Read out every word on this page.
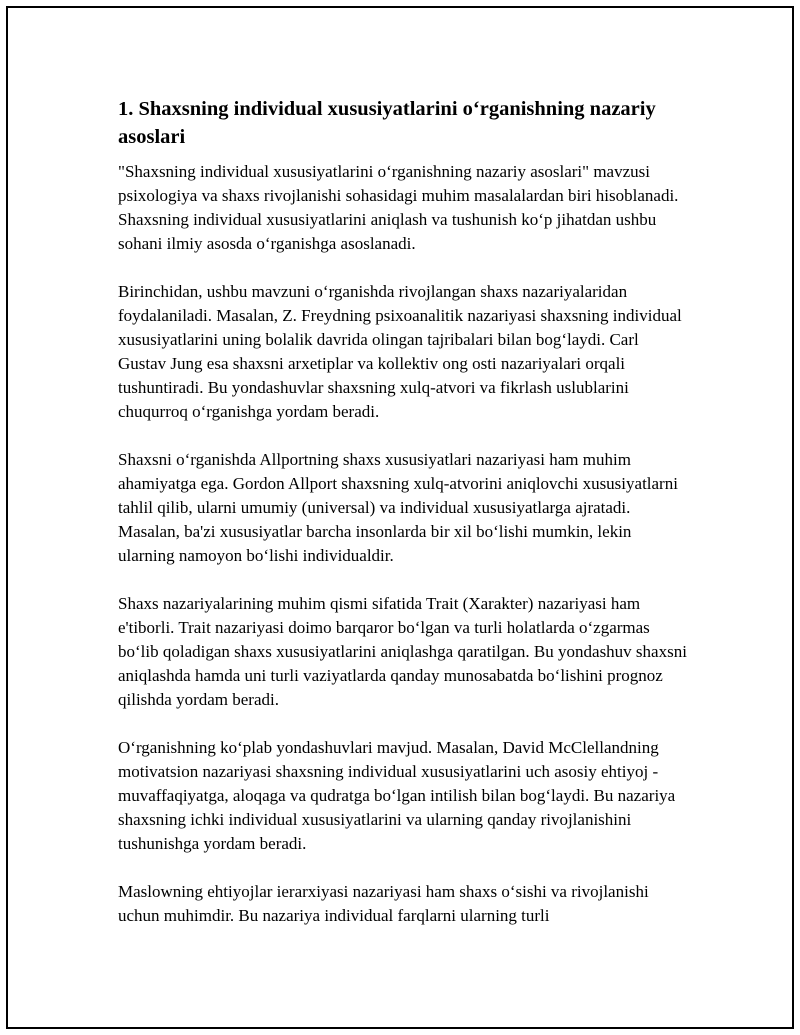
1. Shaxsning individual xususiyatlarini o‘rganishning nazariy asoslari

"Shaxsning individual xususiyatlarini o‘rganishning nazariy asoslari" mavzusi psixologiya va shaxs rivojlanishi sohasidagi muhim masalalardan biri hisoblanadi. Shaxsning individual xususiyatlarini aniqlash va tushunish ko‘p jihatdan ushbu sohani ilmiy asosda o‘rganishga asoslanadi.

Birinchidan, ushbu mavzuni o‘rganishda rivojlangan shaxs nazariyalaridan foydalaniladi. Masalan, Z. Freydning psixoanalitik nazariyasi shaxsning individual xususiyatlarini uning bolalik davrida olingan tajribalari bilan bog‘laydi. Carl Gustav Jung esa shaxsni arxetiplar va kollektiv ong osti nazariyalari orqali tushuntiradi. Bu yondashuvlar shaxsning xulq-atvori va fikrlash uslublarini chuqurroq o‘rganishga yordam beradi.

Shaxsni o‘rganishda Allportning shaxs xususiyatlari nazariyasi ham muhim ahamiyatga ega. Gordon Allport shaxsning xulq-atvorini aniqlovchi xususiyatlarni tahlil qilib, ularni umumiy (universal) va individual xususiyatlarga ajratadi. Masalan, ba'zi xususiyatlar barcha insonlarda bir xil bo‘lishi mumkin, lekin ularning namoyon bo‘lishi individualdir.

Shaxs nazariyalarining muhim qismi sifatida Trait (Xarakter) nazariyasi ham e'tiborli. Trait nazariyasi doimo barqaror bo‘lgan va turli holatlarda o‘zgarmas bo‘lib qoladigan shaxs xususiyatlarini aniqlashga qaratilgan. Bu yondashuv shaxsni aniqlashda hamda uni turli vaziyatlarda qanday munosabatda bo‘lishini prognoz qilishda yordam beradi.

O‘rganishning ko‘plab yondashuvlari mavjud. Masalan, David McClellandning motivatsion nazariyasi shaxsning individual xususiyatlarini uch asosiy ehtiyoj - muvaffaqiyatga, aloqaga va qudratga bo‘lgan intilish bilan bog‘laydi. Bu nazariya shaxsning ichki individual xususiyatlarini va ularning qanday rivojlanishini tushunishga yordam beradi.

Maslowning ehtiyojlar ierarxiyasi nazariyasi ham shaxs o‘sishi va rivojlanishi uchun muhimdir. Bu nazariya individual farqlarni ularning turli
